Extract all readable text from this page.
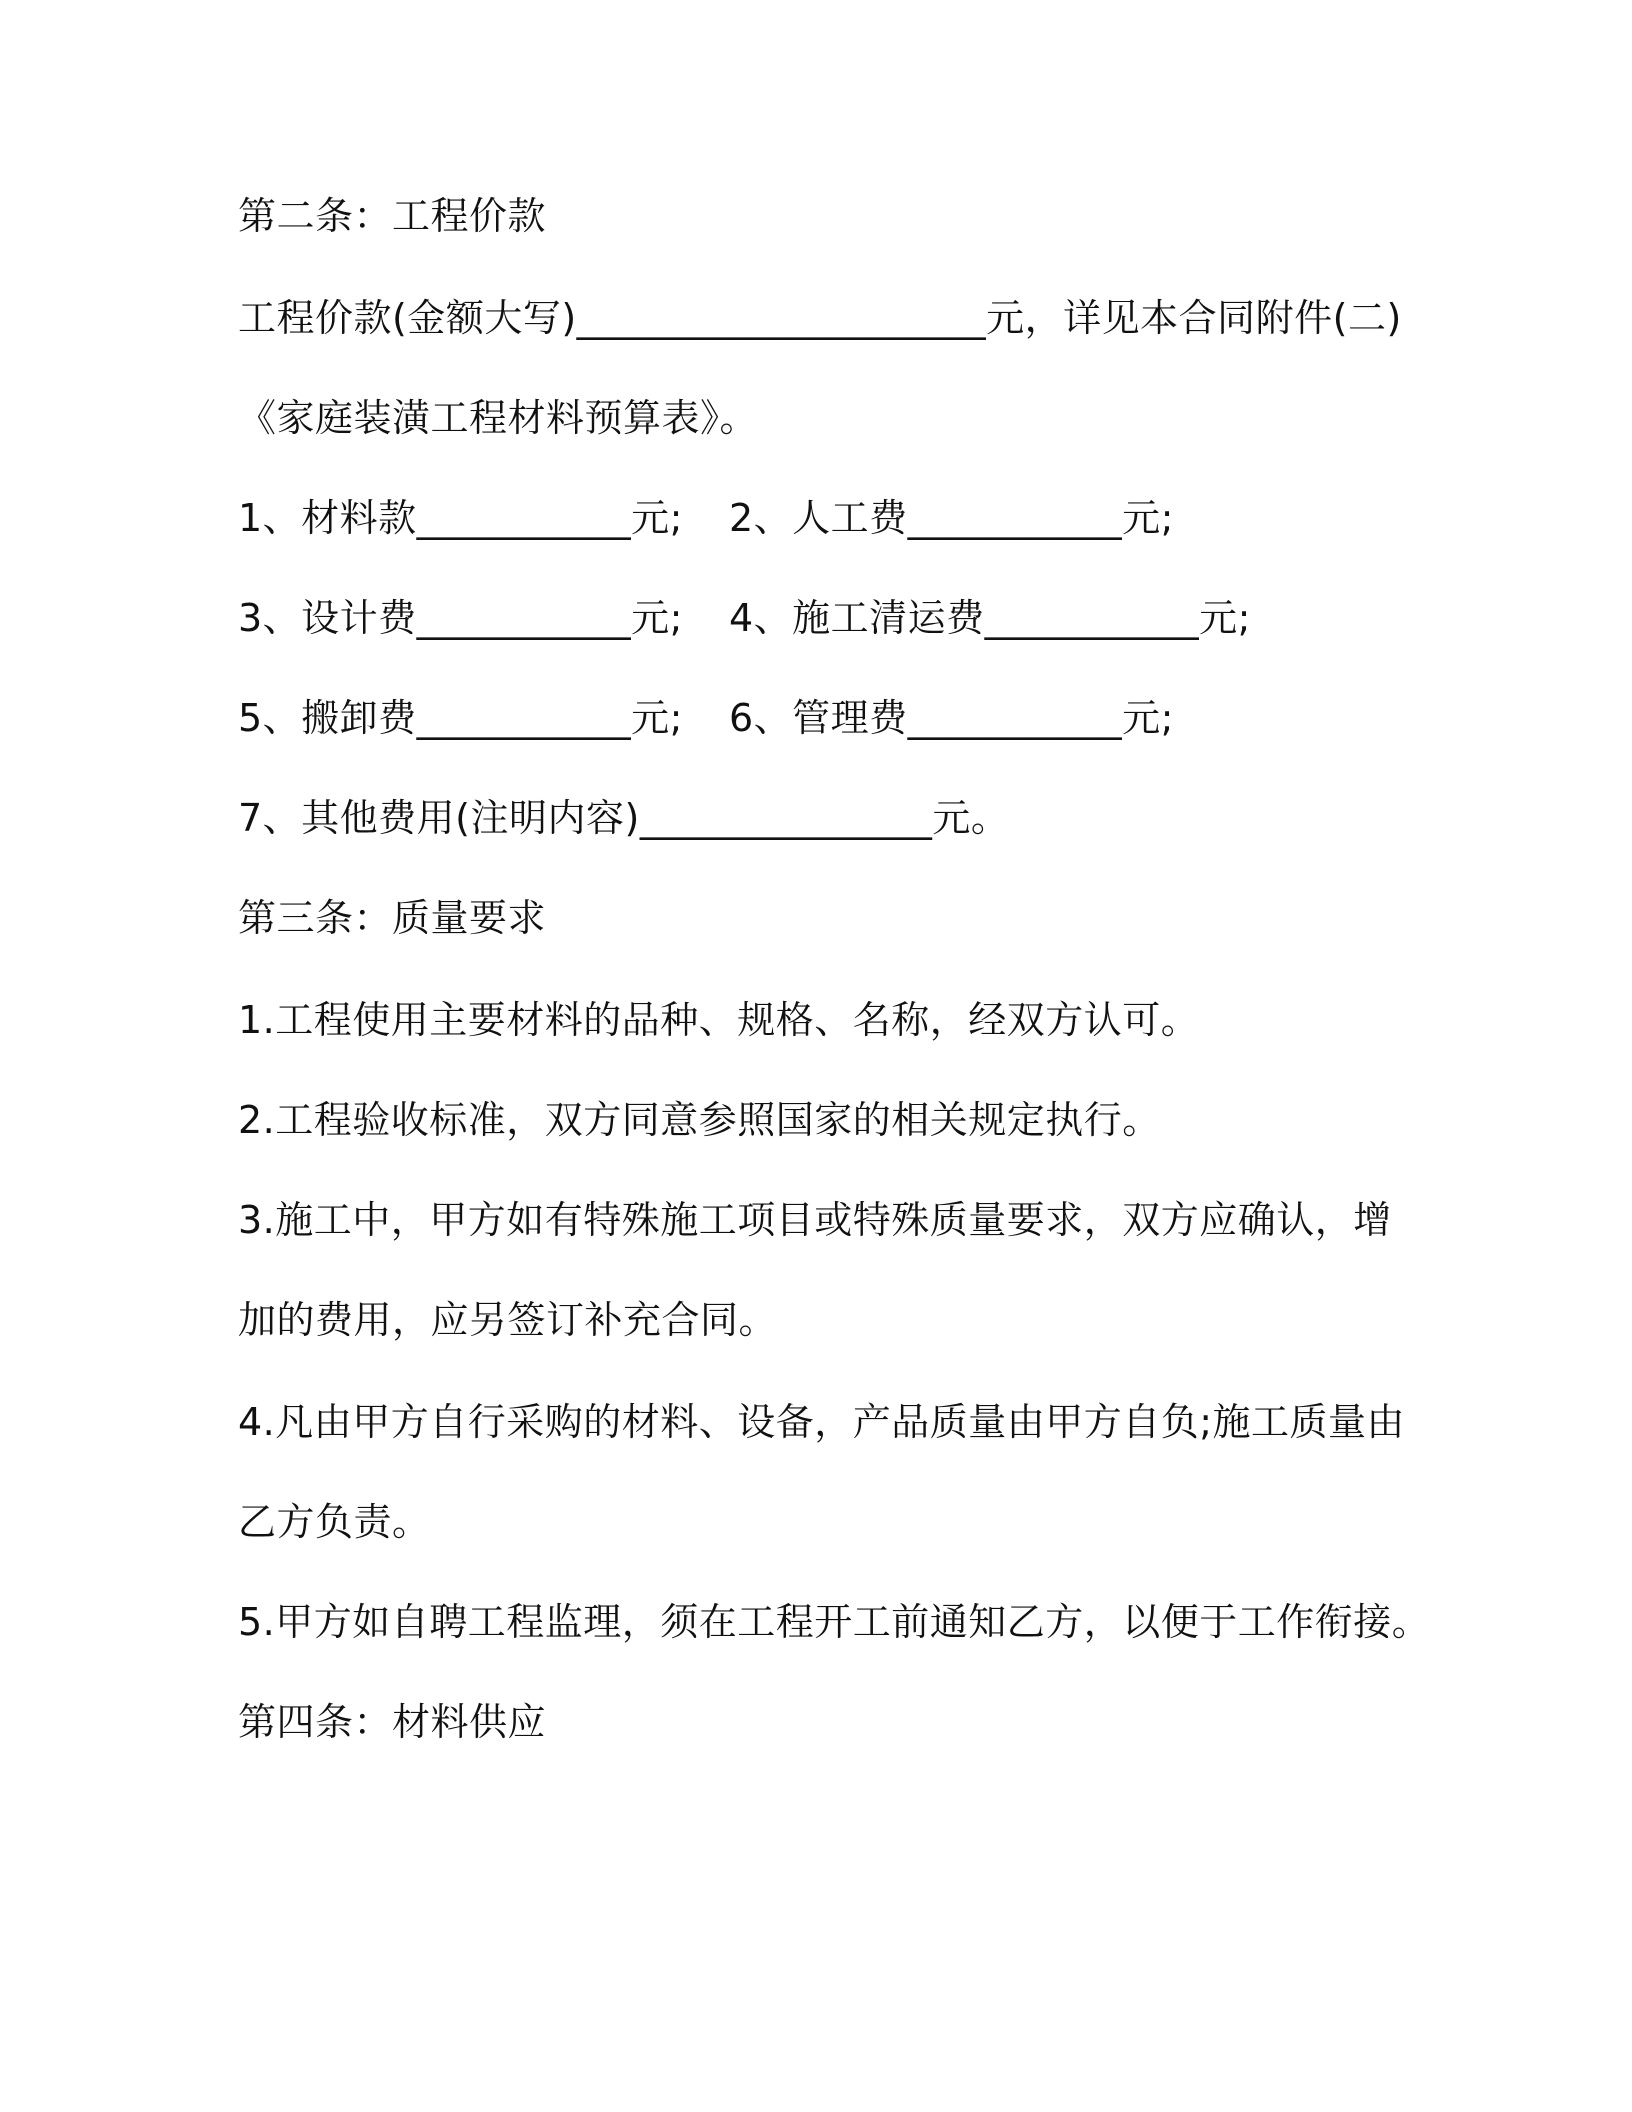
第二条：工程价款
工程价款(金额大写)_____________________元，详见本合同附件(二)
《家庭装潢工程材料预算表》。
1、材料款___________元; 2、人工费___________元;
3、设计费___________元; 4、施工清运费___________元;
5、搬卸费___________元; 6、管理费___________元;
7、其他费用(注明内容)_______________元。
第三条：质量要求
1.工程使用主要材料的品种、规格、名称，经双方认可。
2.工程验收标准，双方同意参照国家的相关规定执行。
3.施工中，甲方如有特殊施工项目或特殊质量要求，双方应确认，增
加的费用，应另签订补充合同。
4.凡由甲方自行采购的材料、设备，产品质量由甲方自负;施工质量由
乙方负责。
5.甲方如自聘工程监理，须在工程开工前通知乙方，以便于工作衔接。
第四条：材料供应
